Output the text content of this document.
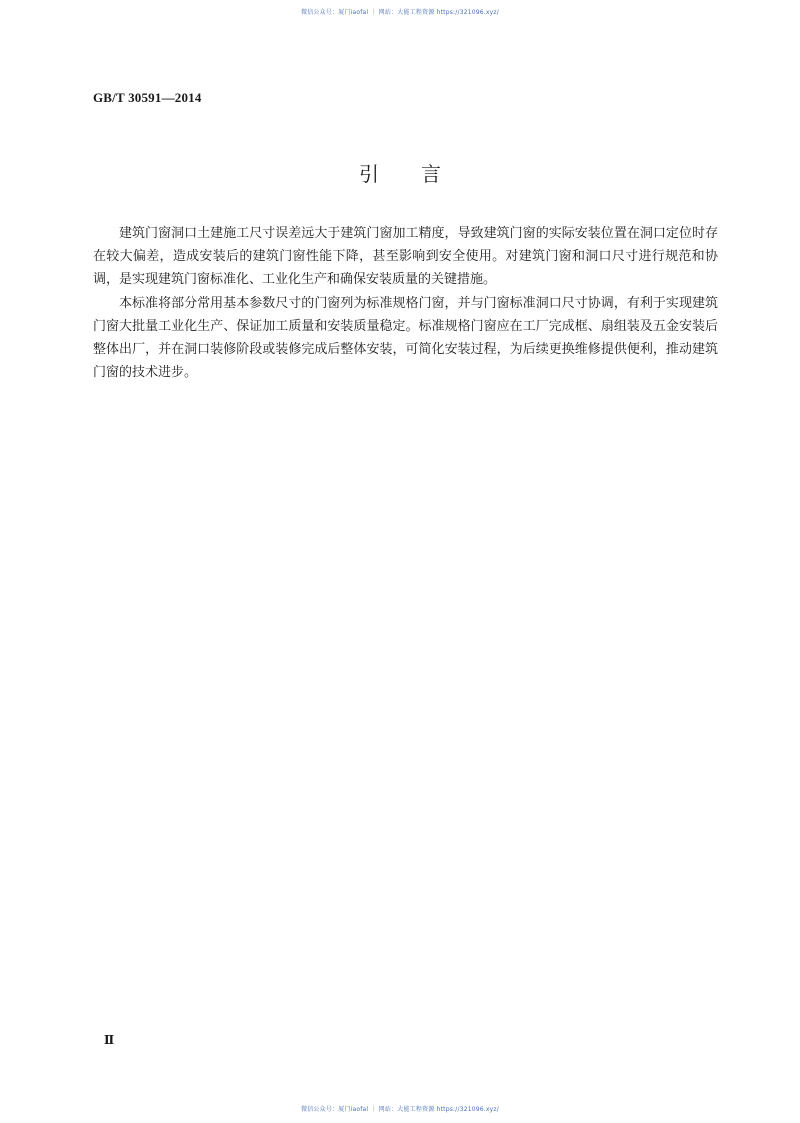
微信公众号：厦门iaofal ｜ 网站：大能工程资源 https://321096.xyz/
GB/T 30591—2014
引言

建筑门窗洞口土建施工尺寸误差远大于建筑门窗加工精度，导致建筑门窗的实际安装位置在洞口定位时存在较大偏差，造成安装后的建筑门窗性能下降，甚至影响到安全使用。对建筑门窗和洞口尺寸进行规范和协调，是实现建筑门窗标准化、工业化生产和确保安装质量的关键措施。

本标准将部分常用基本参数尺寸的门窗列为标准规格门窗，并与门窗标准洞口尺寸协调，有利于实现建筑门窗大批量工业化生产、保证加工质量和安装质量稳定。标准规格门窗应在工厂完成框、扇组装及五金安装后整体出厂，并在洞口装修阶段或装修完成后整体安装，可简化安装过程，为后续更换维修提供便利，推动建筑门窗的技术进步。

Ⅱ
微信公众号：厦门iaofal ｜ 网站：大能工程资源 https://321096.xyz/
